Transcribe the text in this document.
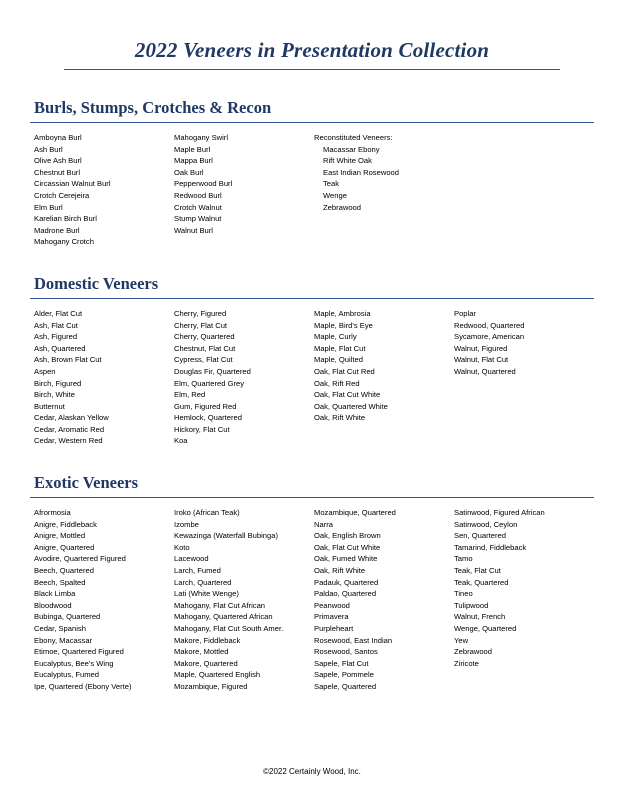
2022 Veneers in Presentation Collection
Burls, Stumps, Crotches & Recon
Amboyna Burl
Ash Burl
Olive Ash Burl
Chestnut Burl
Circassian Walnut Burl
Crotch Cerejeira
Elm Burl
Karelian Birch Burl
Madrone Burl
Mahogany Crotch
Mahogany Swirl
Maple Burl
Mappa Burl
Oak Burl
Pepperwood Burl
Redwood Burl
Crotch Walnut
Stump Walnut
Walnut Burl
Reconstituted Veneers:
Macassar Ebony
Rift White Oak
East Indian Rosewood
Teak
Wenge
Zebrawood
Domestic Veneers
Alder, Flat Cut
Ash, Flat Cut
Ash, Figured
Ash, Quartered
Ash, Brown Flat Cut
Aspen
Birch, Figured
Birch, White
Butternut
Cedar, Alaskan Yellow
Cedar, Aromatic Red
Cedar, Western Red
Cherry, Figured
Cherry, Flat Cut
Cherry, Quartered
Chestnut, Flat Cut
Cypress, Flat Cut
Douglas Fir, Quartered
Elm, Quartered Grey
Elm, Red
Gum, Figured Red
Hemlock, Quartered
Hickory, Flat Cut
Koa
Maple, Ambrosia
Maple, Bird's Eye
Maple, Curly
Maple, Flat Cut
Maple, Quilted
Oak, Flat Cut Red
Oak, Rift Red
Oak, Flat Cut White
Oak, Quartered White
Oak, Rift White
Poplar
Redwood, Quartered
Sycamore, American
Walnut, Figured
Walnut, Flat Cut
Walnut, Quartered
Exotic Veneers
Afrormosia
Anigre, Fiddleback
Anigre, Mottled
Anigre, Quartered
Avodire, Quartered Figured
Beech, Quartered
Beech, Spalted
Black Limba
Bloodwood
Bubinga, Quartered
Cedar, Spanish
Ebony, Macassar
Etimoe, Quartered Figured
Eucalyptus, Bee's Wing
Eucalyptus, Fumed
Ipe, Quartered (Ebony Verte)
Iroko (African Teak)
Izombe
Kewazinga (Waterfall Bubinga)
Koto
Lacewood
Larch, Fumed
Larch, Quartered
Lati (White Wenge)
Mahogany, Flat Cut African
Mahogany, Quartered African
Mahogany, Flat Cut South Amer.
Makore, Fiddleback
Makore, Mottled
Makore, Quartered
Maple, Quartered English
Mozambique, Figured
Mozambique, Quartered
Narra
Oak, English Brown
Oak, Flat Cut White
Oak, Fumed White
Oak, Rift White
Padauk, Quartered
Paldao, Quartered
Peanwood
Primavera
Purpleheart
Rosewood, East Indian
Rosewood, Santos
Sapele, Flat Cut
Sapele, Pommele
Sapele, Quartered
Satinwood, Figured African
Satinwood, Ceylon
Sen, Quartered
Tamarind, Fiddleback
Tamo
Teak, Flat Cut
Teak, Quartered
Tineo
Tulipwood
Walnut, French
Wenge, Quartered
Yew
Zebrawood
Ziricote
©2022 Certainly Wood, Inc.
